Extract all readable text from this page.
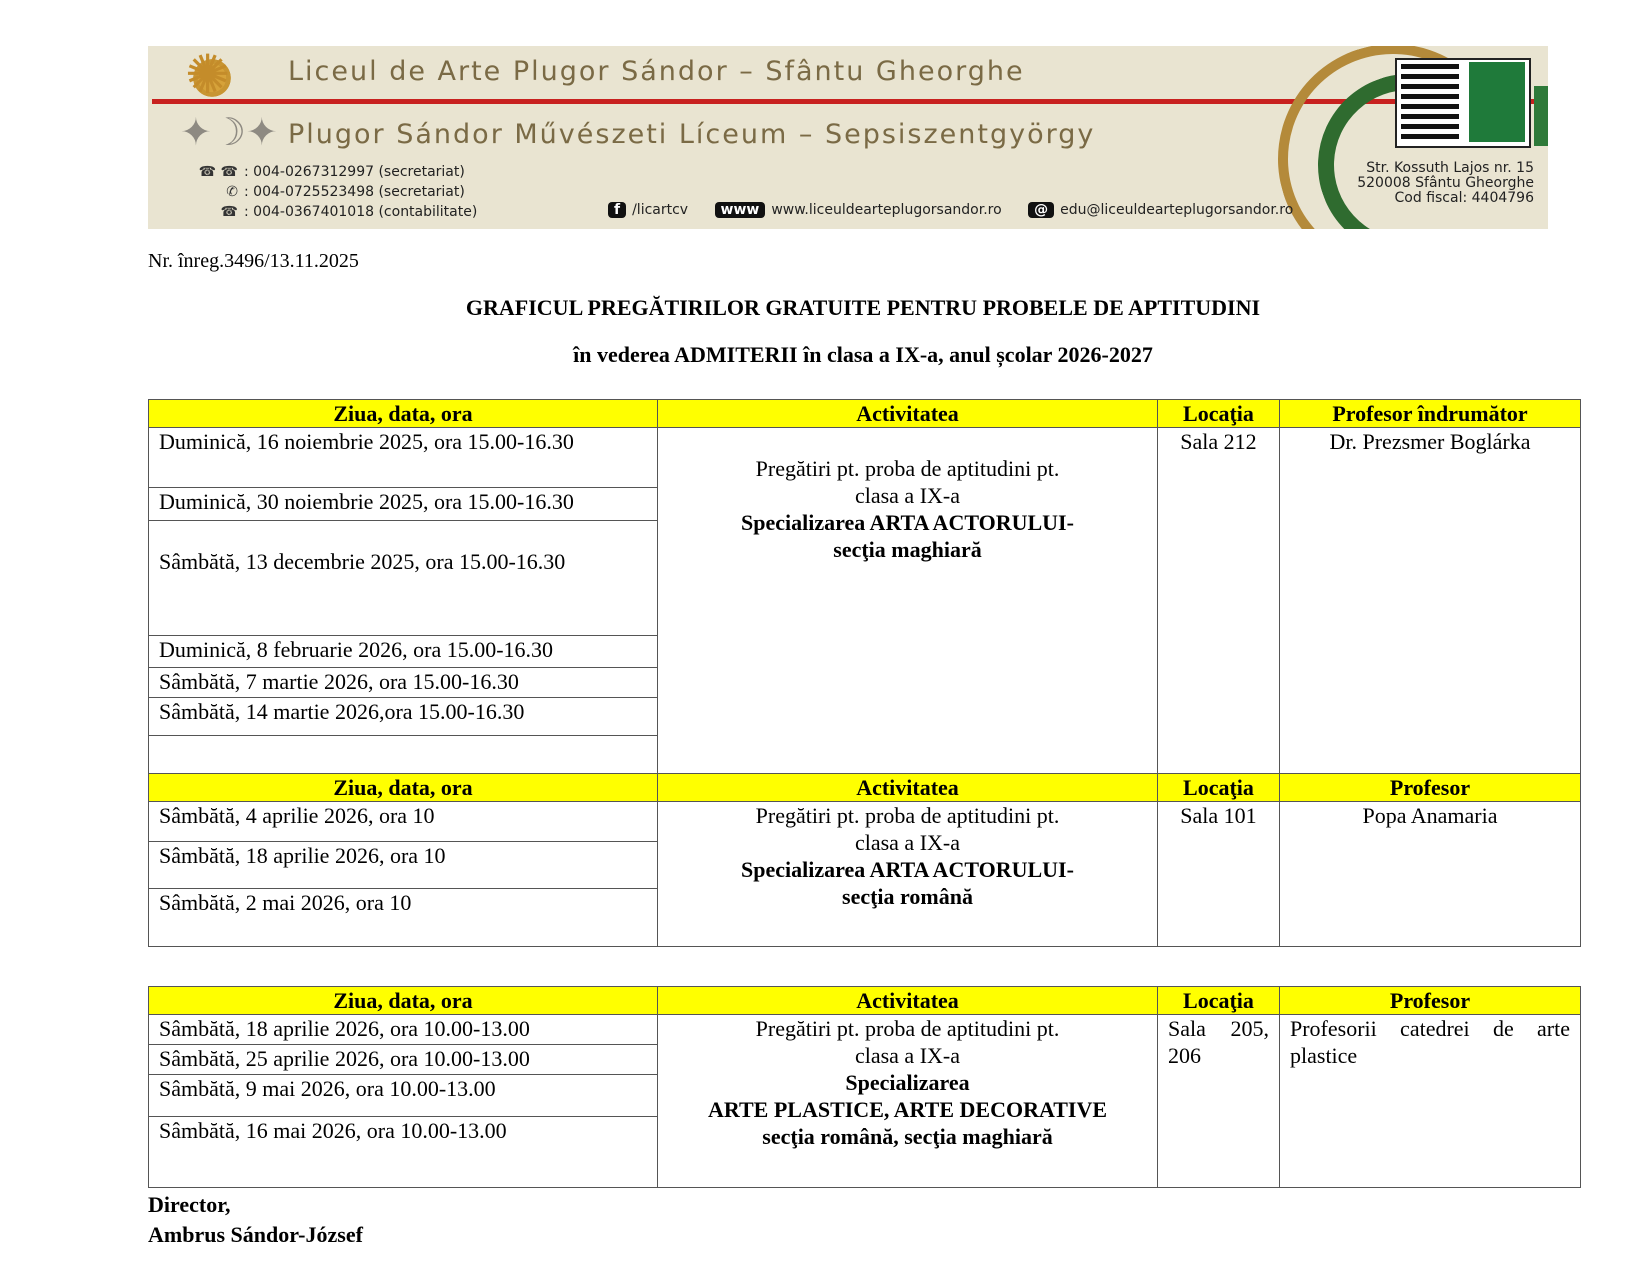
✺
✦☽✦
Liceul de Arte Plugor Sándor – Sfântu Gheorghe
Plugor Sándor Művészeti Líceum – Sepsiszentgyörgy
☎ ☎ : 004-0267312997 (secretariat)
✆ : 004-0725523498 (secretariat)
☎ : 004-0367401018 (contabilitate)	f /licartcv www www.liceuldearteplugorsandor.ro @ edu@liceuldearteplugorsandor.ro
Str. Kossuth Lajos nr. 15
520008 Sfântu Gheorghe
Cod fiscal: 4404796
Nr. înreg.3496/13.11.2025
GRAFICUL PREGĂTIRILOR GRATUITE PENTRU PROBELE DE APTITUDINI
în vederea ADMITERII în clasa a IX-a, anul școlar 2026-2027
Ziua, data, ora	Activitatea	Locaţia	Profesor îndrumător
Duminică, 16 noiembrie 2025, ora 15.00-16.30	Pregătiri pt. proba de aptitudini pt.
clasa a IX-a
Specializarea ARTA ACTORULUI-
secţia maghiară	Sala 212	Dr. Prezsmer Boglárka
Duminică, 30 noiembrie 2025, ora 15.00-16.30			
Sâmbătă, 13 decembrie 2025, ora 15.00-16.30			
Duminică, 8 februarie 2026, ora 15.00-16.30			
Sâmbătă, 7 martie 2026, ora 15.00-16.30			
Sâmbătă, 14 martie 2026,ora 15.00-16.30			

Ziua, data, ora	Activitatea	Locaţia	Profesor
Sâmbătă, 4 aprilie 2026, ora 10	Pregătiri pt. proba de aptitudini pt.
clasa a IX-a
Specializarea ARTA ACTORULUI-
secţia română	Sala 101	Popa Anamaria
Sâmbătă, 18 aprilie 2026, ora 10			
Sâmbătă, 2 mai 2026, ora 10			
Ziua, data, ora	Activitatea	Locaţia	Profesor
Sâmbătă, 18 aprilie 2026, ora 10.00-13.00	Pregătiri pt. proba de aptitudini pt.
clasa a IX-a
Specializarea
ARTE PLASTICE, ARTE DECORATIVE
secţia română, secţia maghiară	Sala 205, 206	Profesorii catedrei de arte plastice
Sâmbătă, 25 aprilie 2026, ora 10.00-13.00			
Sâmbătă, 9 mai 2026, ora 10.00-13.00			
Sâmbătă, 16 mai 2026, ora 10.00-13.00			
Director,
Ambrus Sándor-József
